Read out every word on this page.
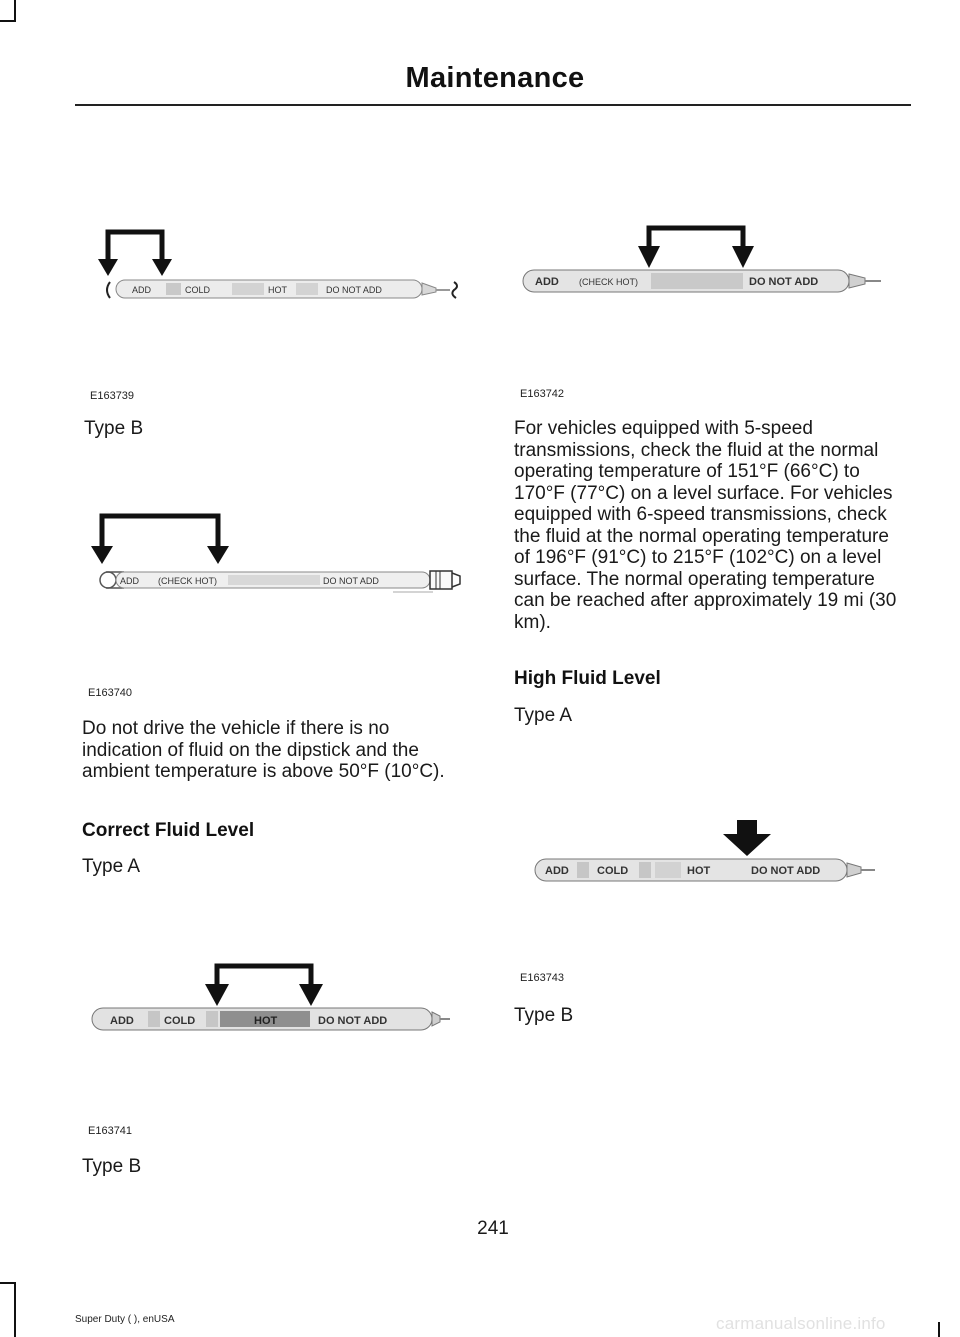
Maintenance
ADD	COLD	HOT	DO NOT ADD
E163739
Type B
ADD (CHECK HOT)	DO NOT ADD
E163740
Do not drive the vehicle if there is no indication of fluid on the dipstick and the ambient temperature is above 50°F (10°C).
Correct Fluid Level
Type A
ADD	COLD	HOT	DO NOT ADD
E163741
Type B
ADD (CHECK HOT)	DO NOT ADD
E163742
For vehicles equipped with 5-speed transmissions, check the fluid at the normal operating temperature of 151°F (66°C) to 170°F (77°C) on a level surface. For vehicles equipped with 6-speed transmissions, check the fluid at the normal operating temperature of 196°F (91°C) to 215°F (102°C) on a level surface. The normal operating temperature can be reached after approximately 19 mi (30 km).
High Fluid Level
Type A
ADD	COLD	HOT	DO NOT ADD
E163743
Type B
241
Super Duty ( ), enUSA	carmanualsonline.info
